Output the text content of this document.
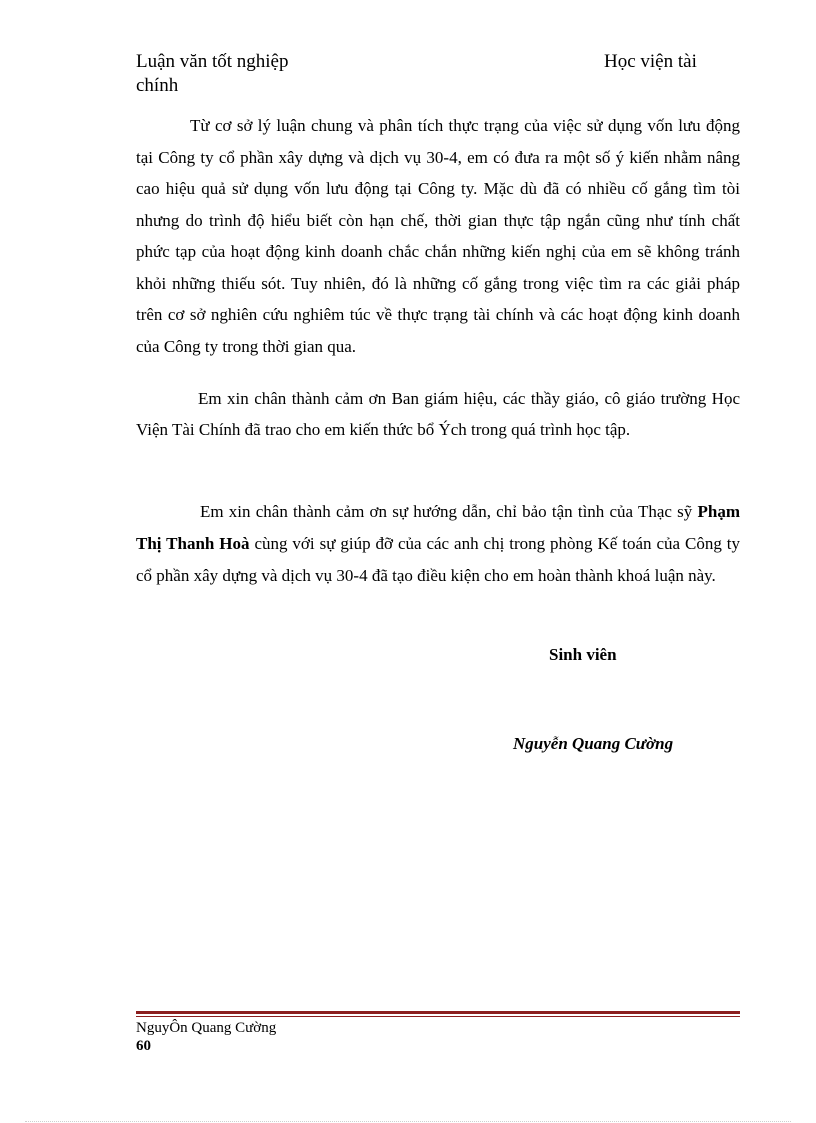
Luận văn tốt nghiệp
chính
Học viện tài

Từ cơ sở lý luận chung và phân tích thực trạng của việc sử dụng vốn lưu động tại Công ty cổ phần xây dựng và dịch vụ 30-4, em có đưa ra một số ý kiến nhằm nâng cao hiệu quả sử dụng vốn lưu động tại Công ty. Mặc dù đã có nhiều cố gắng tìm tòi nhưng do trình độ hiểu biết còn hạn chế, thời gian thực tập ngắn cũng như tính chất phức tạp của hoạt động kinh doanh chắc chắn những kiến nghị của em sẽ không tránh khỏi những thiếu sót. Tuy nhiên, đó là những cố gắng trong việc tìm ra các giải pháp trên cơ sở nghiên cứu nghiêm túc về thực trạng tài chính và các hoạt động kinh doanh của Công ty trong thời gian qua.

Em xin chân thành cảm ơn Ban giám hiệu, các thầy giáo, cô giáo trường Học Viện Tài Chính đã trao cho em kiến thức bổ Ých trong quá trình học tập.

Em xin chân thành cảm ơn sự hướng dẫn, chỉ bảo tận tình của Thạc sỹ Phạm Thị Thanh Hoà cùng với sự giúp đỡ của các anh chị trong phòng Kế toán của Công ty cổ phần xây dựng và dịch vụ 30-4 đã tạo điều kiện cho em hoàn thành khoá luận này.

Sinh viên
Nguyễn Quang Cường
NguyÔn Quang Cường
60
